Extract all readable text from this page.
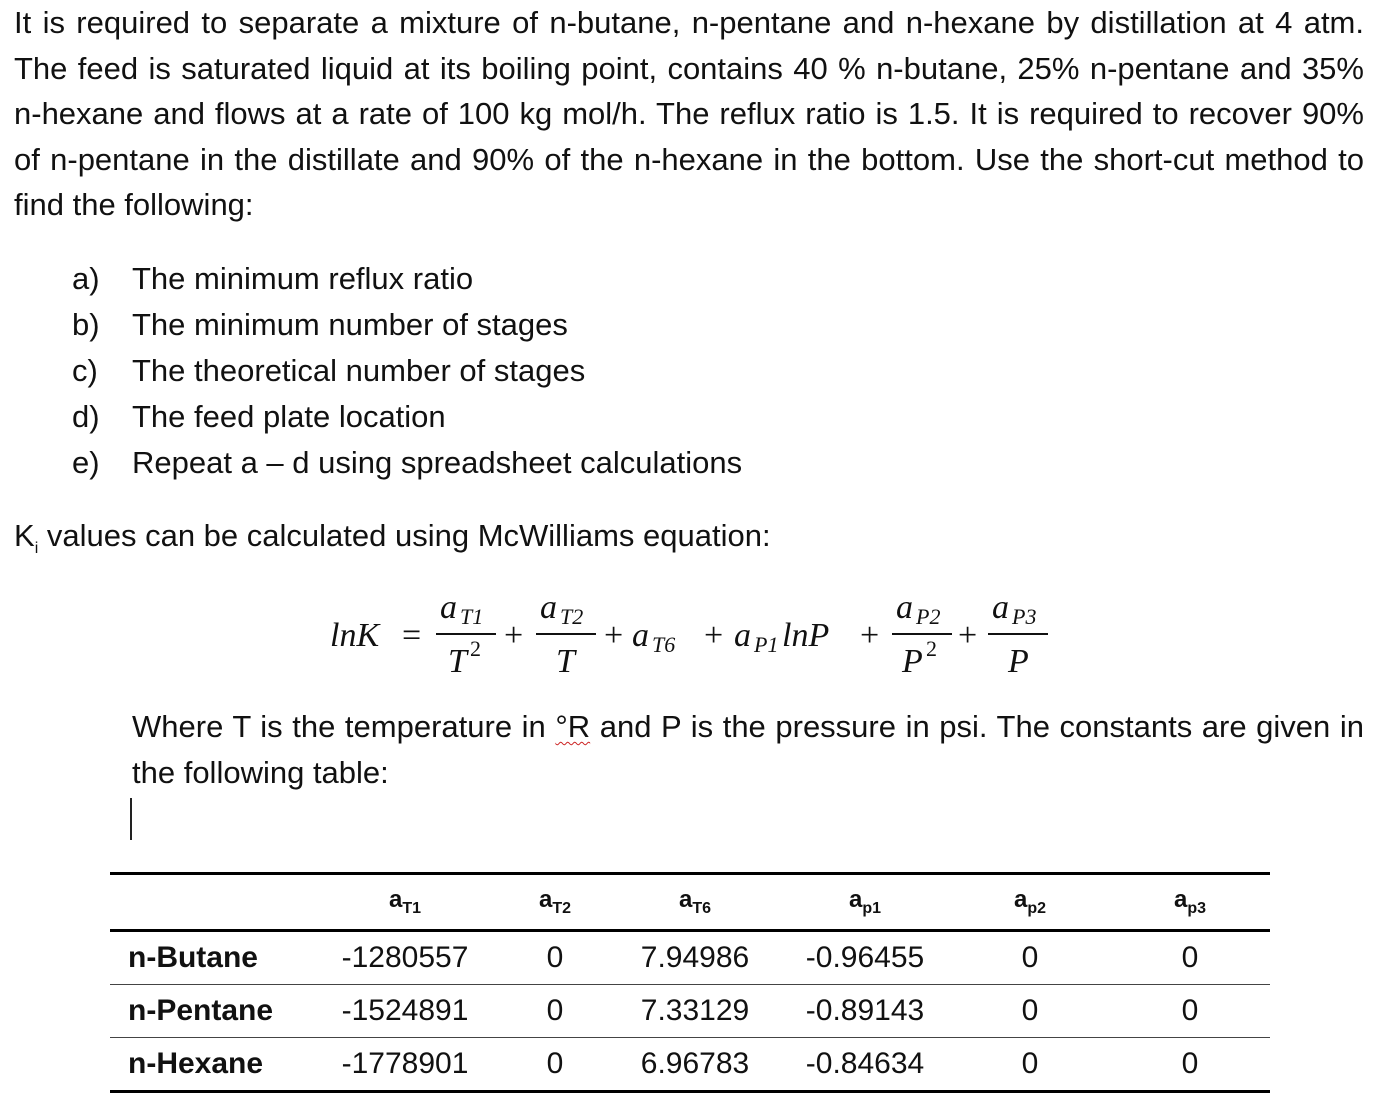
It is required to separate a mixture of n-butane, n-pentane and n-hexane by distillation at 4 atm. The feed is saturated liquid at its boiling point, contains 40 % n-butane, 25% n-pentane and 35% n-hexane and flows at a rate of 100 kg mol/h. The reflux ratio is 1.5. It is required to recover 90% of n-pentane in the distillate and 90% of the n-hexane in the bottom. Use the short-cut method to find the following:

a)	The minimum reflux ratio
b)	The minimum number of stages
c)	The theoretical number of stages
d)	The feed plate location
e)	Repeat a – d using spreadsheet calculations

$K_i$ values can be calculated using McWilliams equation:

lnK =
a T1
T 2 +
a T2
T
+ a T6 + a P1 lnP +
a P2
P 2 +
a P3
P

Where T is the temperature in °R and P is the pressure in psi. The constants are given in the following table:

	$a_{T1}$	$a_{T2}$	$a_{T6}$	$a_{p1}$	$a_{p2}$	$a_{p3}$
n-Butane	-1280557	0	7.94986	-0.96455	0	0
n-Pentane	-1524891	0	7.33129	-0.89143	0	0
n-Hexane	-1778901	0	6.96783	-0.84634	0	0
